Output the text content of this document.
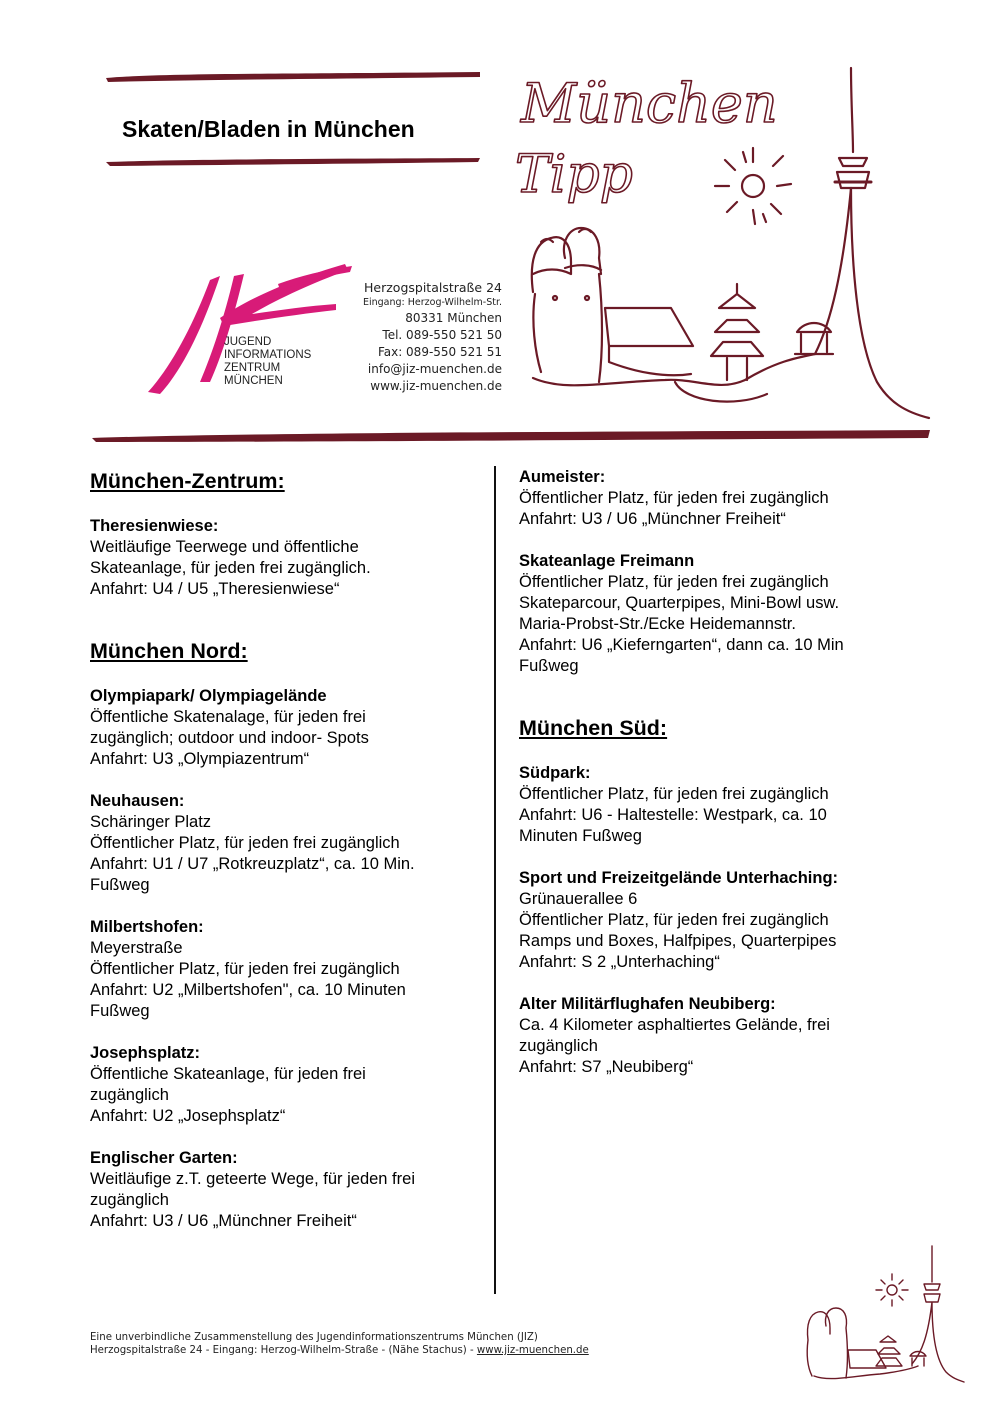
Skaten/Bladen in München
JUGEND
INFORMATIONS
ZENTRUM
MÜNCHEN
Herzogspitalstraße 24
Eingang: Herzog-Wilhelm-Str.
80331 München
Tel. 089-550 521 50
Fax: 089-550 521 51
info@jiz-muenchen.de
www.jiz-muenchen.de
München
Tipp
München-Zentrum:
Theresienwiese:
Weitläufige Teerwege und öffentliche
Skateanlage, für jeden frei zugänglich.
Anfahrt: U4 / U5 „Theresienwiese“
München Nord:
Olympiapark/ Olympiagelände
Öffentliche Skatenalage, für jeden frei
zugänglich; outdoor und indoor- Spots
Anfahrt: U3 „Olympiazentrum“
Neuhausen:
Schäringer Platz
Öffentlicher Platz, für jeden frei zugänglich
Anfahrt: U1 / U7 „Rotkreuzplatz“, ca. 10 Min.
Fußweg
Milbertshofen:
Meyerstraße
Öffentlicher Platz, für jeden frei zugänglich
Anfahrt: U2 „Milbertshofen", ca. 10 Minuten
Fußweg
Josephsplatz:
Öffentliche Skateanlage, für jeden frei
zugänglich
Anfahrt: U2 „Josephsplatz“
Englischer Garten:
Weitläufige z.T. geteerte Wege, für jeden frei
zugänglich
Anfahrt: U3 / U6 „Münchner Freiheit“
Aumeister:
Öffentlicher Platz, für jeden frei zugänglich
Anfahrt: U3 / U6 „Münchner Freiheit“
Skateanlage Freimann
Öffentlicher Platz, für jeden frei zugänglich
Skateparcour, Quarterpipes, Mini-Bowl usw.
Maria-Probst-Str./Ecke Heidemannstr.
Anfahrt: U6 „Kieferngarten“, dann ca. 10 Min
Fußweg
München Süd:
Südpark:
Öffentlicher Platz, für jeden frei zugänglich
Anfahrt: U6 - Haltestelle: Westpark, ca. 10
Minuten Fußweg
Sport und Freizeitgelände Unterhaching:
Grünauerallee 6
Öffentlicher Platz, für jeden frei zugänglich
Ramps und Boxes, Halfpipes, Quarterpipes
Anfahrt: S 2 „Unterhaching“
Alter Militärflughafen Neubiberg:
Ca. 4 Kilometer asphaltiertes Gelände, frei
zugänglich
Anfahrt: S7 „Neubiberg“
Eine unverbindliche Zusammenstellung des Jugendinformationszentrums München (JIZ)
Herzogspitalstraße 24 - Eingang: Herzog-Wilhelm-Straße - (Nähe Stachus) - www.jiz-muenchen.de
